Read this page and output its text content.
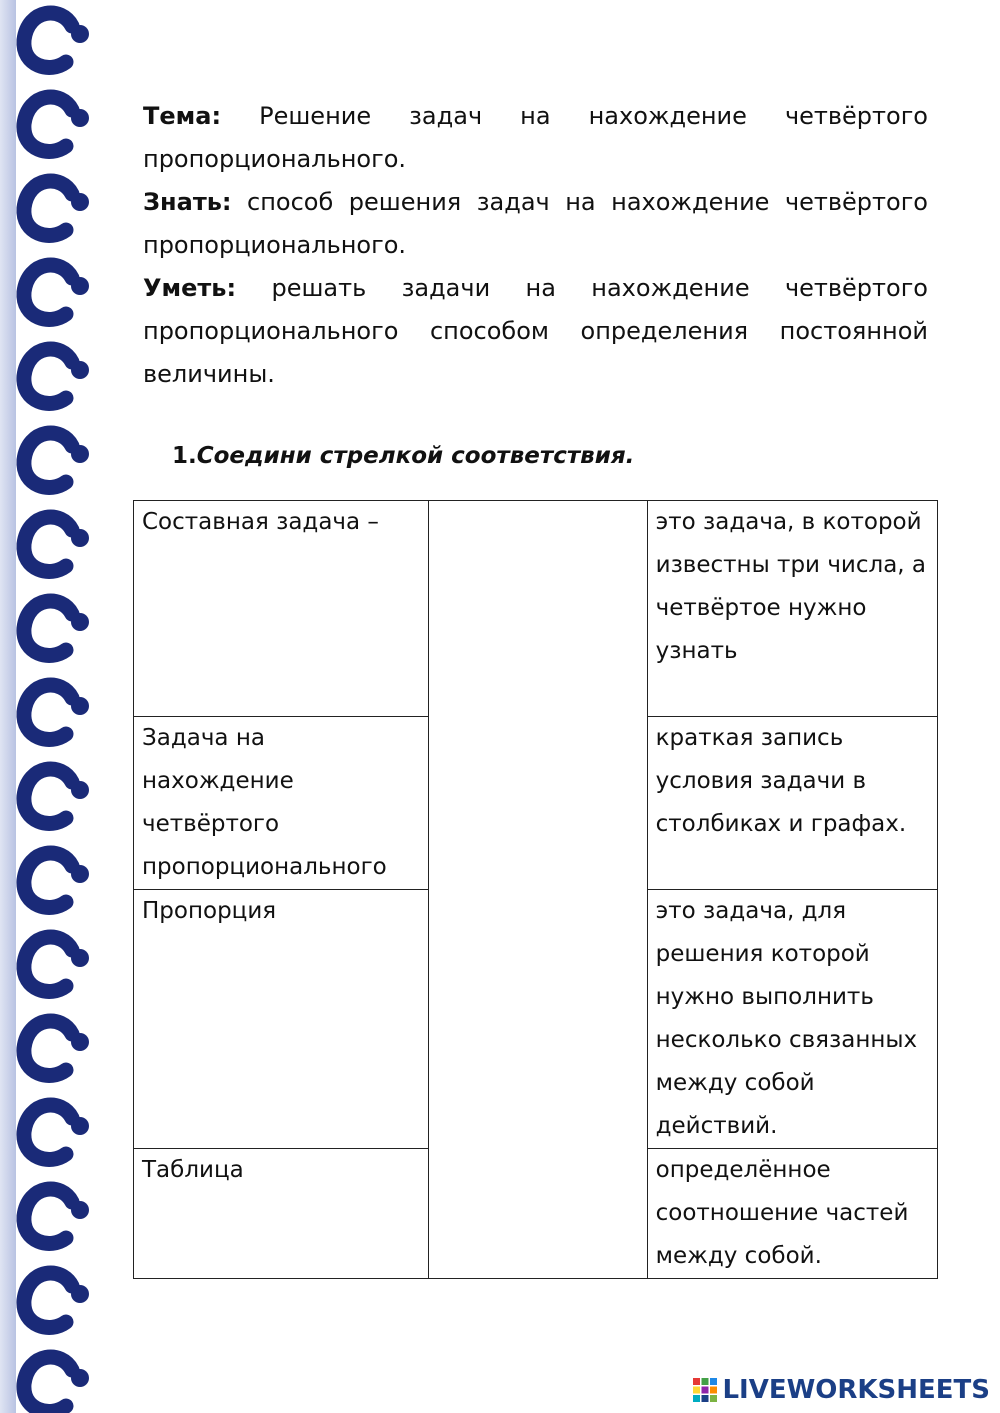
Тема: Решение задач на нахождение четвёртого пропорционального.

Знать: способ решения задач на нахождение четвёртого пропорционального.

Уметь: решать задачи на нахождение четвёртого пропорционального способом определения постоянной величины.

1.Соедини стрелкой соответствия.
Составная задача –		это задача, в которой известны три числа, а четвёртое нужно узнать
Задача на нахождение четвёртого пропорционального		краткая запись условия задачи в столбиках и графах.
Пропорция		это задача, для решения которой нужно выполнить несколько связанных между собой действий.
Таблица		определённое соотношение частей между собой.
LIVEWORKSHEETS
